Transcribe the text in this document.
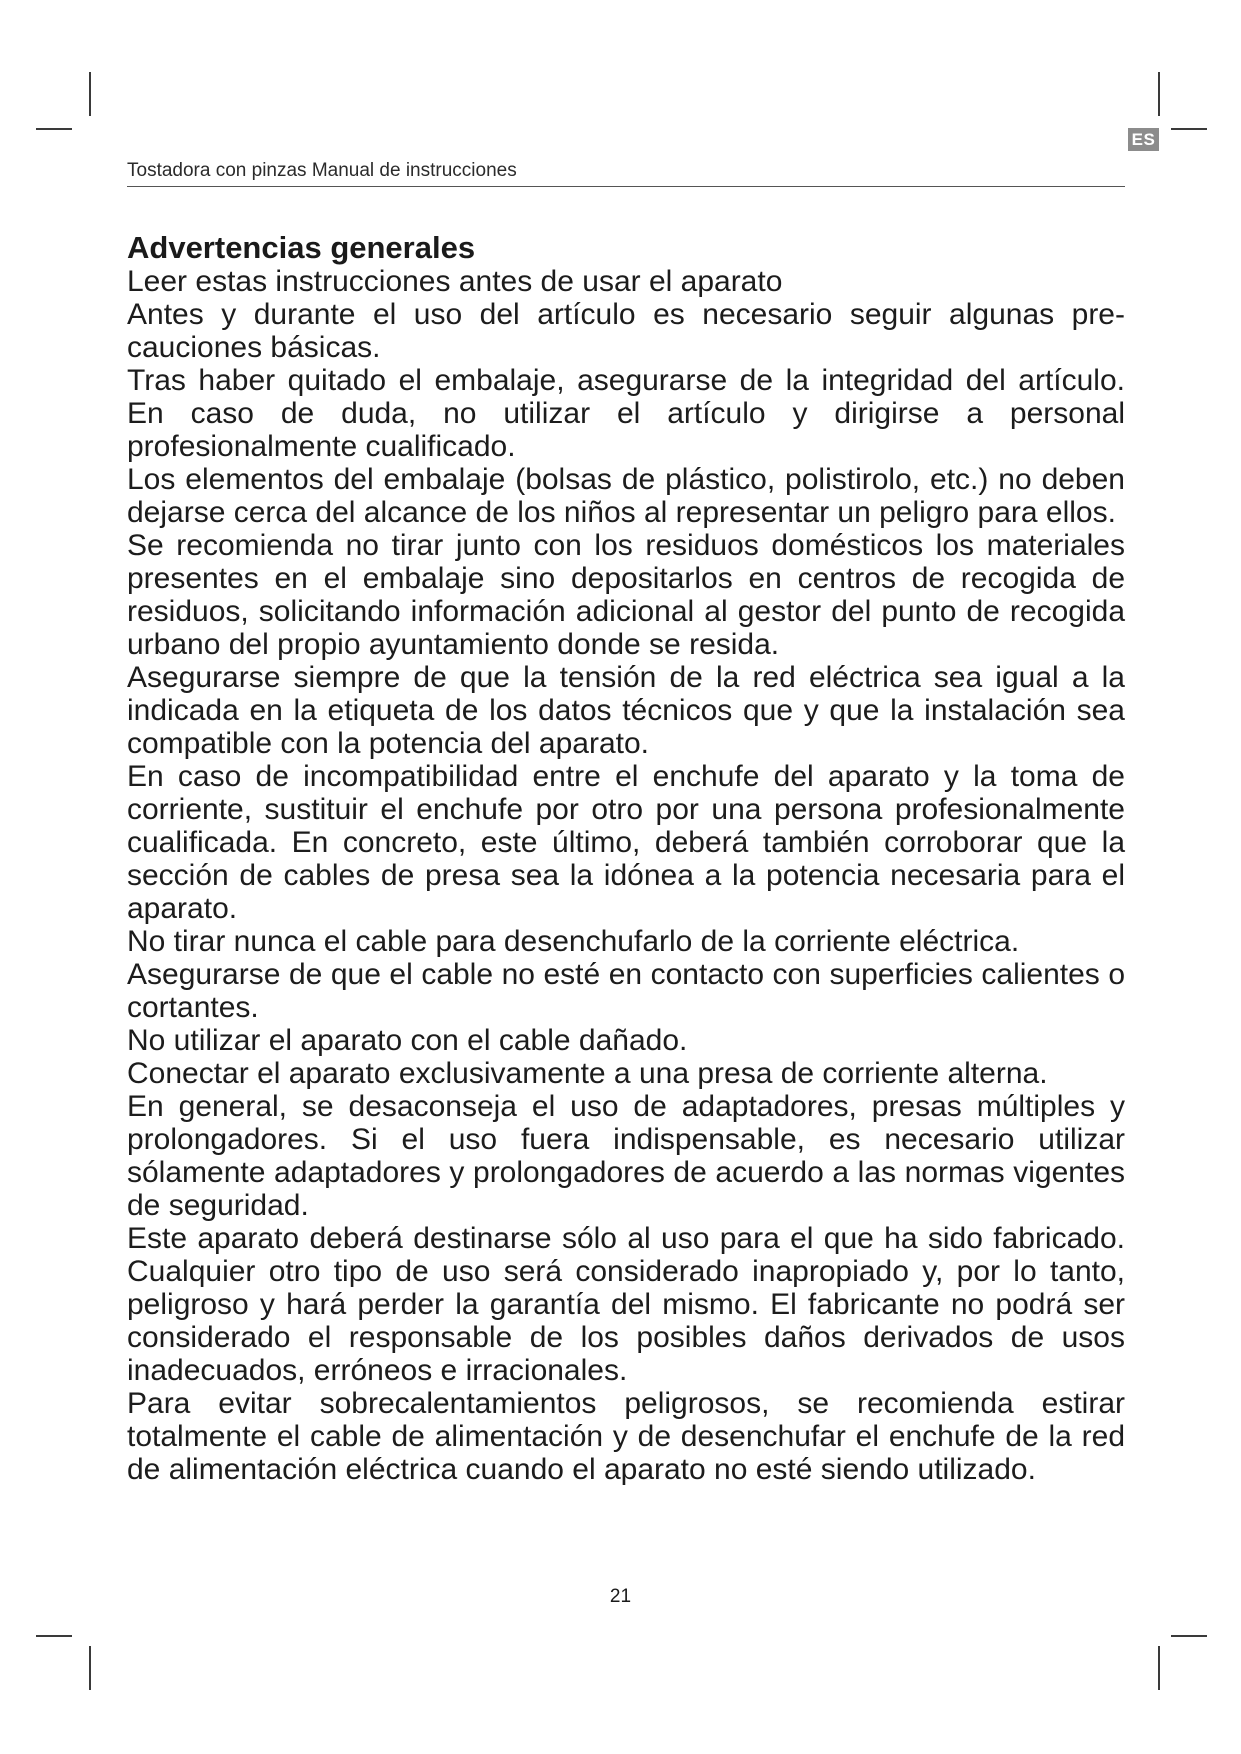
ES
Tostadora con pinzas Manual de instrucciones
Advertencias generales

Leer estas instrucciones antes de usar el aparato

Antes y durante el uso del artículo es necesario seguir algunas precauciones básicas.

Tras haber quitado el embalaje, asegurarse de la integridad del artículo. En caso de duda, no utilizar el artículo y dirigirse a personal profesionalmente cualificado.

Los elementos del embalaje (bolsas de plástico, polistirolo, etc.) no deben dejarse cerca del alcance de los niños al representar un peligro para ellos.

Se recomienda no tirar junto con los residuos domésticos los materiales presentes en el embalaje sino depositarlos en centros de recogida de residuos, solicitando información adicional al gestor del punto de recogida urbano del propio ayuntamiento donde se resida.

Asegurarse siempre de que la tensión de la red eléctrica sea igual a la indicada en la etiqueta de los datos técnicos que y que la instalación sea compatible con la potencia del aparato.

En caso de incompatibilidad entre el enchufe del aparato y la toma de corriente, sustituir el enchufe por otro por una persona profesionalmente cualificada. En concreto, este último, deberá también corroborar que la sección de cables de presa sea la idónea a la potencia necesaria para el aparato.

No tirar nunca el cable para desenchufarlo de la corriente eléctrica.

Asegurarse de que el cable no esté en contacto con superficies calientes o cortantes.

No utilizar el aparato con el cable dañado.

Conectar el aparato exclusivamente a una presa de corriente alterna.

En general, se desaconseja el uso de adaptadores, presas múltiples y prolongadores. Si el uso fuera indispensable, es necesario utilizar sólamente adaptadores y prolongadores de acuerdo a las normas vigentes de seguridad.

Este aparato deberá destinarse sólo al uso para el que ha sido fabricado. Cualquier otro tipo de uso será considerado inapropiado y, por lo tanto, peligroso y hará perder la garantía del mismo. El fabricante no podrá ser considerado el responsable de los posibles daños derivados de usos inadecuados, erróneos e irracionales.

Para evitar sobrecalentamientos peligrosos, se recomienda estirar totalmente el cable de alimentación y de desenchufar el enchufe de la red de alimentación eléctrica cuando el aparato no esté siendo utilizado.

21
